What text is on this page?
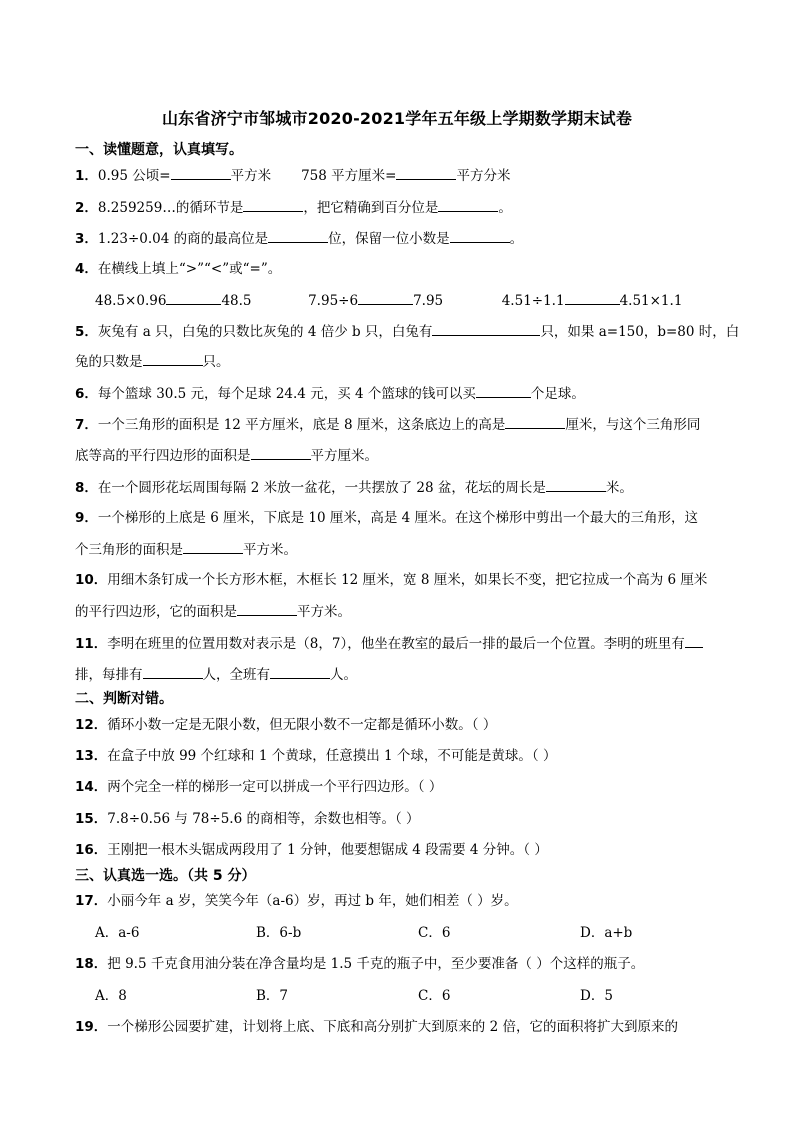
山东省济宁市邹城市2020-2021学年五年级上学期数学期末试卷
一、读懂题意，认真填写。
1．0.95 公顷=	平方米 758 平方厘米=	平方分米
2．8.259259…的循环节是	，把它精确到百分位是	。
3．1.23÷0.04 的商的最高位是	位，保留一位小数是	。
4．在横线上填上“>”“<”或“=”。
48.5×0.96	48.5	7.95÷6	7.95	4.51÷1.1	4.51×1.1
5．灰兔有 a 只，白兔的只数比灰兔的 4 倍少 b 只，白兔有	只，如果 a=150，b=80 时，白
兔的只数是	只。
6．每个篮球 30.5 元，每个足球 24.4 元，买 4 个篮球的钱可以买	个足球。
7．一个三角形的面积是 12 平方厘米，底是 8 厘米，这条底边上的高是	厘米，与这个三角形同
底等高的平行四边形的面积是	平方厘米。
8．在一个圆形花坛周围每隔 2 米放一盆花，一共摆放了 28 盆，花坛的周长是	米。
9．一个梯形的上底是 6 厘米，下底是 10 厘米，高是 4 厘米。在这个梯形中剪出一个最大的三角形，这
个三角形的面积是	平方米。
10．用细木条钉成一个长方形木框，木框长 12 厘米，宽 8 厘米，如果长不变，把它拉成一个高为 6 厘米
的平行四边形，它的面积是	平方米。
11．李明在班里的位置用数对表示是（8，7），他坐在教室的最后一排的最后一个位置。李明的班里有
排，每排有	人，全班有	人。
二、判断对错。
12．循环小数一定是无限小数，但无限小数不一定都是循环小数。（ ）
13．在盒子中放 99 个红球和 1 个黄球，任意摸出 1 个球，不可能是黄球。（ ）
14．两个完全一样的梯形一定可以拼成一个平行四边形。（ ）
15．7.8÷0.56 与 78÷5.6 的商相等，余数也相等。（ ）
16．王刚把一根木头锯成两段用了 1 分钟，他要想锯成 4 段需要 4 分钟。（ ）
三、认真选一选。（共 5 分）
17．小丽今年 a 岁，笑笑今年（a-6）岁，再过 b 年，她们相差（ ）岁。
A．a-6	B．6-b	C．6	D．a+b
18．把 9.5 千克食用油分装在净含量均是 1.5 千克的瓶子中，至少要准备（ ）个这样的瓶子。
A．8	B．7	C．6	D．5
19．一个梯形公园要扩建，计划将上底、下底和高分别扩大到原来的 2 倍，它的面积将扩大到原来的
